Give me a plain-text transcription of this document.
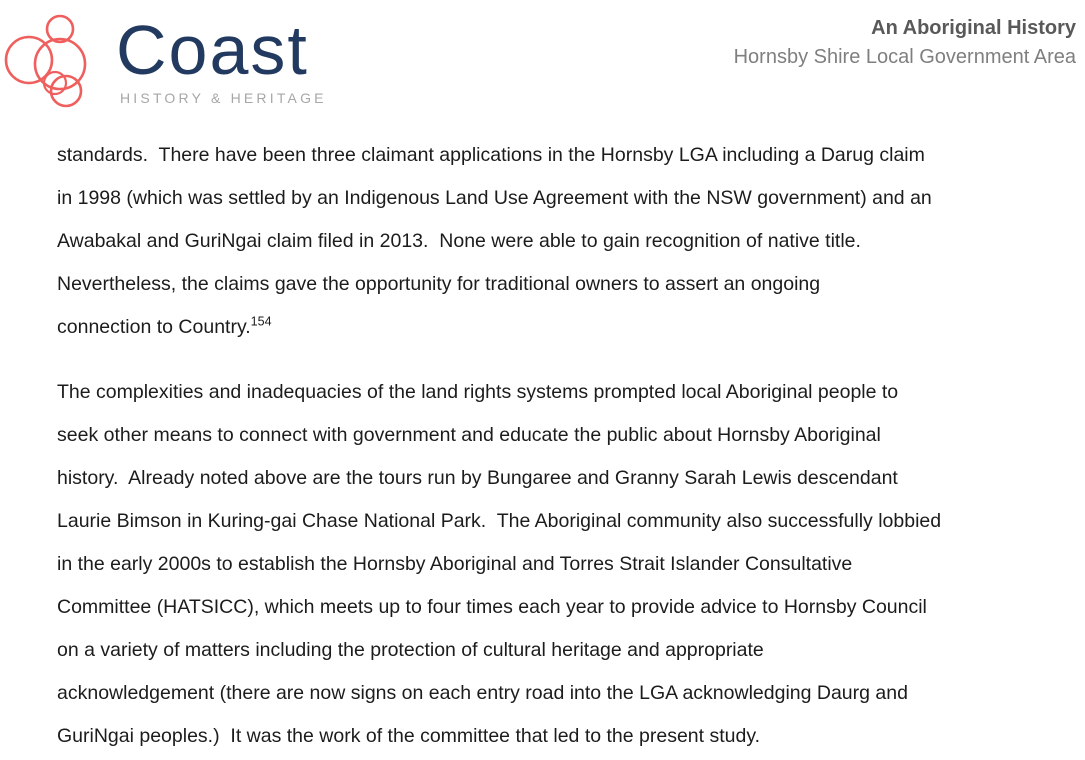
Coast
HISTORY & HERITAGE
An Aboriginal History
Hornsby Shire Local Government Area
standards.  There have been three claimant applications in the Hornsby LGA including a Darug claim
in 1998 (which was settled by an Indigenous Land Use Agreement with the NSW government) and an
Awabakal and GuriNgai claim filed in 2013.  None were able to gain recognition of native title.
Nevertheless, the claims gave the opportunity for traditional owners to assert an ongoing
connection to Country.$^{154}$
The complexities and inadequacies of the land rights systems prompted local Aboriginal people to
seek other means to connect with government and educate the public about Hornsby Aboriginal
history.  Already noted above are the tours run by Bungaree and Granny Sarah Lewis descendant
Laurie Bimson in Kuring-gai Chase National Park.  The Aboriginal community also successfully lobbied
in the early 2000s to establish the Hornsby Aboriginal and Torres Strait Islander Consultative
Committee (HATSICC), which meets up to four times each year to provide advice to Hornsby Council
on a variety of matters including the protection of cultural heritage and appropriate
acknowledgement (there are now signs on each entry road into the LGA acknowledging Daurg and
GuriNgai peoples.)  It was the work of the committee that led to the present study.
